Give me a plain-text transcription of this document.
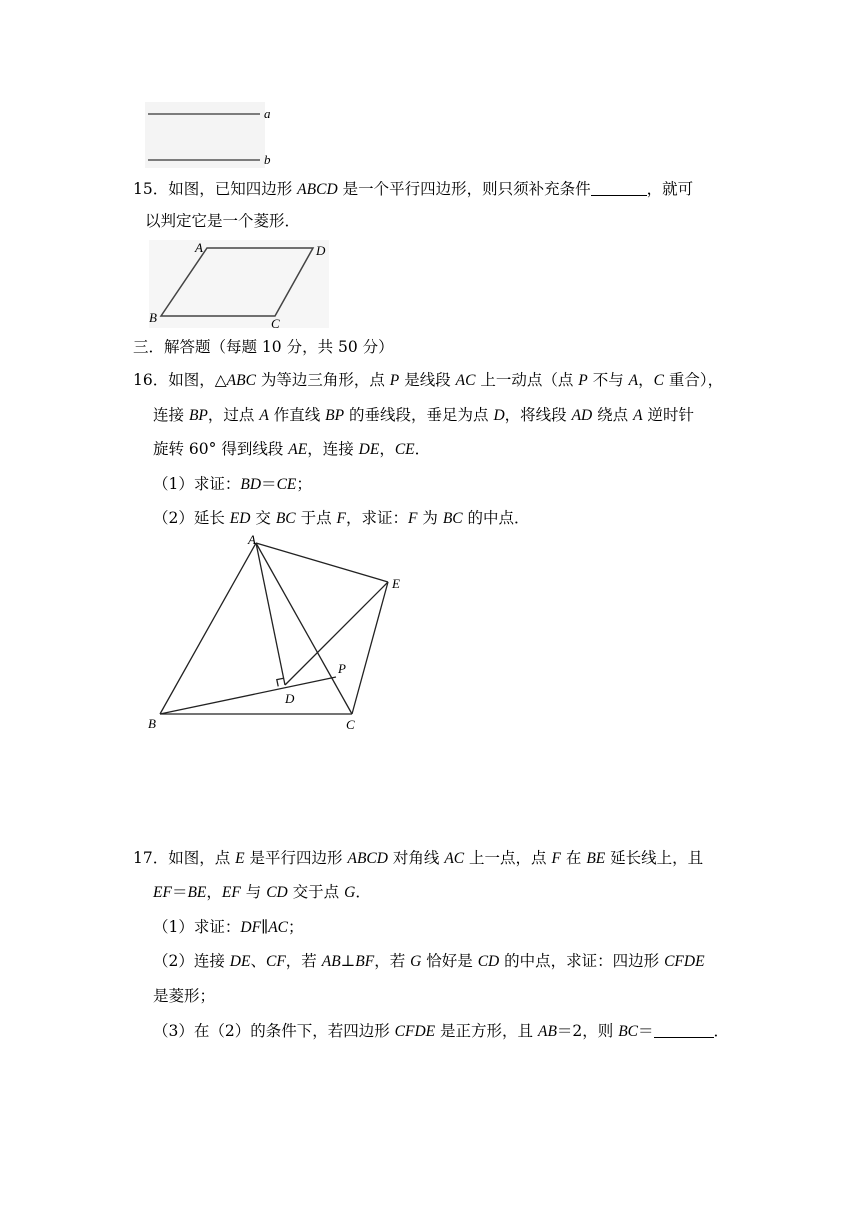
a
b
15．如图，已知四边形 ABCD 是一个平行四边形，则只须补充条件	，就可
以判定它是一个菱形．
A	D
B	C
三．解答题（每题 10 分，共 50 分）
16．如图，△ABC 为等边三角形，点 P 是线段 AC 上一动点（点 P 不与 A，C 重合），
连接 BP，过点 A 作直线 BP 的垂线段，垂足为点 D，将线段 AD 绕点 A 逆时针
旋转 60° 得到线段 AE，连接 DE，CE．
（1）求证：BD＝CE；
（2）延长 ED 交 BC 于点 F，求证：F 为 BC 的中点．
A
E
P
D
B	C
17．如图，点 E 是平行四边形 ABCD 对角线 AC 上一点，点 F 在 BE 延长线上，且
EF＝BE，EF 与 CD 交于点 G．
（1）求证：DF∥AC；
（2）连接 DE、CF，若 AB⊥BF，若 G 恰好是 CD 的中点，求证：四边形 CFDE
是菱形；
（3）在（2）的条件下，若四边形 CFDE 是正方形，且 AB＝2，则 BC＝	．
